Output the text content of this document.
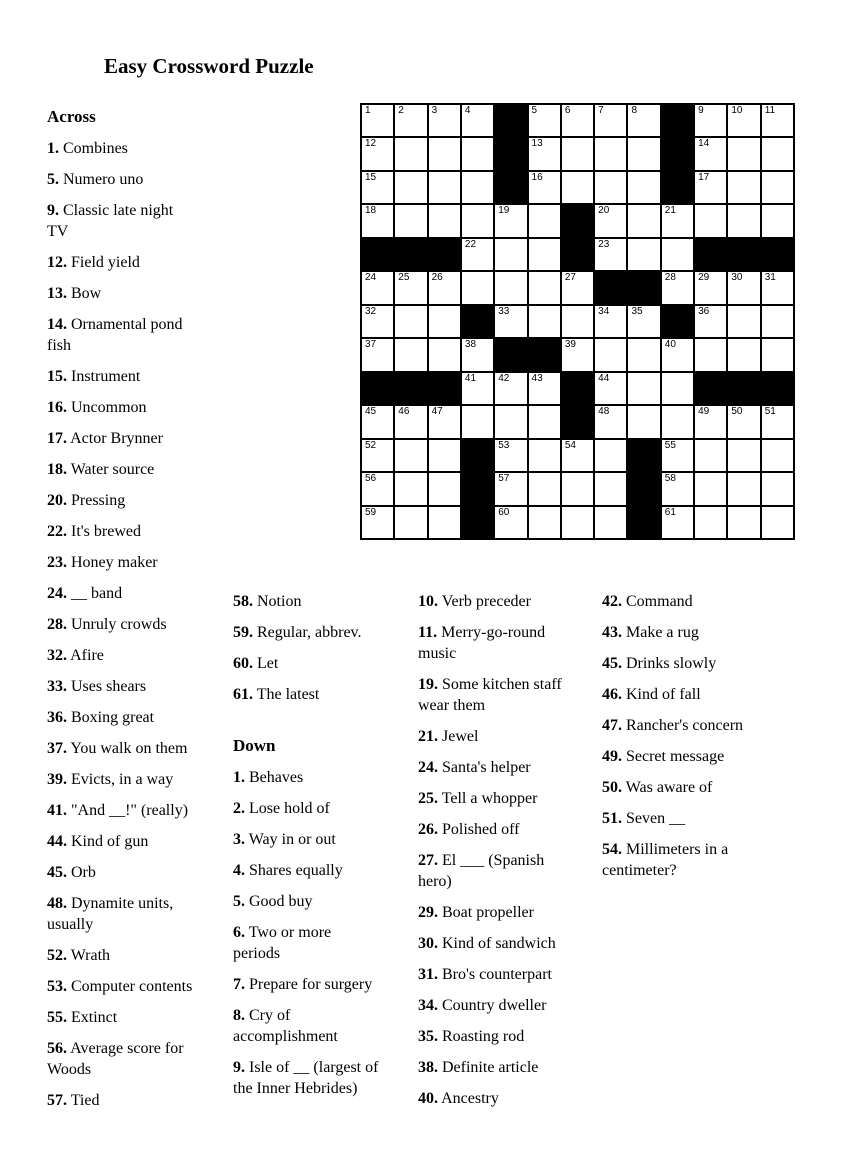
Easy Crossword Puzzle
1	2	3	4	5	6	7	8	9	10 11
12	13	14
15	16	17
18	19	20	21
22	23
24 25 26	27	28 29 30 31
32	33	34 35	36
37	38	39	40
41 42 43	44
45 46 47	48	49 50 51
52	53	54	55
56	57	58
59	60	61

Across

1. Combines

5. Numero uno

9. Classic late night TV

12. Field yield

13. Bow

14. Ornamental pond fish

15. Instrument

16. Uncommon

17. Actor Brynner

18. Water source

20. Pressing

22. It's brewed

23. Honey maker

24. __ band

28. Unruly crowds

32. Afire

33. Uses shears

36. Boxing great

37. You walk on them

39. Evicts, in a way

41. "And __!" (really)

44. Kind of gun

45. Orb

48. Dynamite units, usually

52. Wrath

53. Computer contents

55. Extinct

56. Average score for Woods

57. Tied

58. Notion

59. Regular, abbrev.

60. Let

61. The latest

Down

1. Behaves

2. Lose hold of

3. Way in or out

4. Shares equally

5. Good buy

6. Two or more periods

7. Prepare for surgery

8. Cry of accomplishment

9. Isle of __ (largest of the Inner Hebrides)

10. Verb preceder

11. Merry-go-round music

19. Some kitchen staff wear them

21. Jewel

24. Santa's helper

25. Tell a whopper

26. Polished off

27. El ___ (Spanish hero)

29. Boat propeller

30. Kind of sandwich

31. Bro's counterpart

34. Country dweller

35. Roasting rod

38. Definite article

40. Ancestry

42. Command

43. Make a rug

45. Drinks slowly

46. Kind of fall

47. Rancher's concern

49. Secret message

50. Was aware of

51. Seven __

54. Millimeters in a centimeter?
